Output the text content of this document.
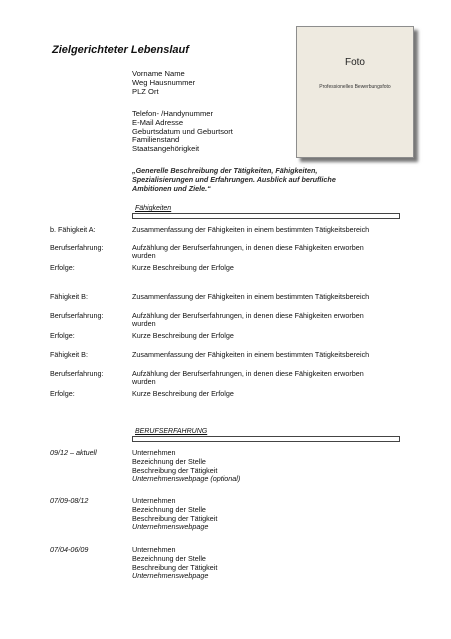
Zielgerichteter Lebenslauf
Foto
Professionelles Bewerbungsfoto
Vorname Name
Weg Hausnummer
PLZ Ort
Telefon- /Handynummer
E-Mail Adresse
Geburtsdatum und Geburtsort
Familienstand
Staatsangehörigkeit
„Generelle Beschreibung der Tätigkeiten, Fähigkeiten, Spezialisierungen und Erfahrungen. Ausblick auf berufliche Ambitionen und Ziele.“
Fähigkeiten
b. Fähigkeit A:	Zusammenfassung der Fähigkeiten in einem bestimmten Tätigkeitsbereich
Berufserfahrung:	Aufzählung der Berufserfahrungen, in denen diese Fähigkeiten erworben wurden
Erfolge:	Kurze Beschreibung der Erfolge
Fähigkeit B:	Zusammenfassung der Fähigkeiten in einem bestimmten Tätigkeitsbereich
Berufserfahrung:	Aufzählung der Berufserfahrungen, in denen diese Fähigkeiten erworben wurden
Erfolge:	Kurze Beschreibung der Erfolge
Fähigkeit B:	Zusammenfassung der Fähigkeiten in einem bestimmten Tätigkeitsbereich
Berufserfahrung:	Aufzählung der Berufserfahrungen, in denen diese Fähigkeiten erworben wurden
Erfolge:	Kurze Beschreibung der Erfolge
BERUFSERFAHRUNG
09/12 – aktuell	Unternehmen
Bezeichnung der Stelle
Beschreibung der Tätigkeit
Unternehmenswebpage (optional)
07/09-08/12	Unternehmen
Bezeichnung der Stelle
Beschreibung der Tätigkeit
Unternehmenswebpage
07/04-06/09	Unternehmen
Bezeichnung der Stelle
Beschreibung der Tätigkeit
Unternehmenswebpage
